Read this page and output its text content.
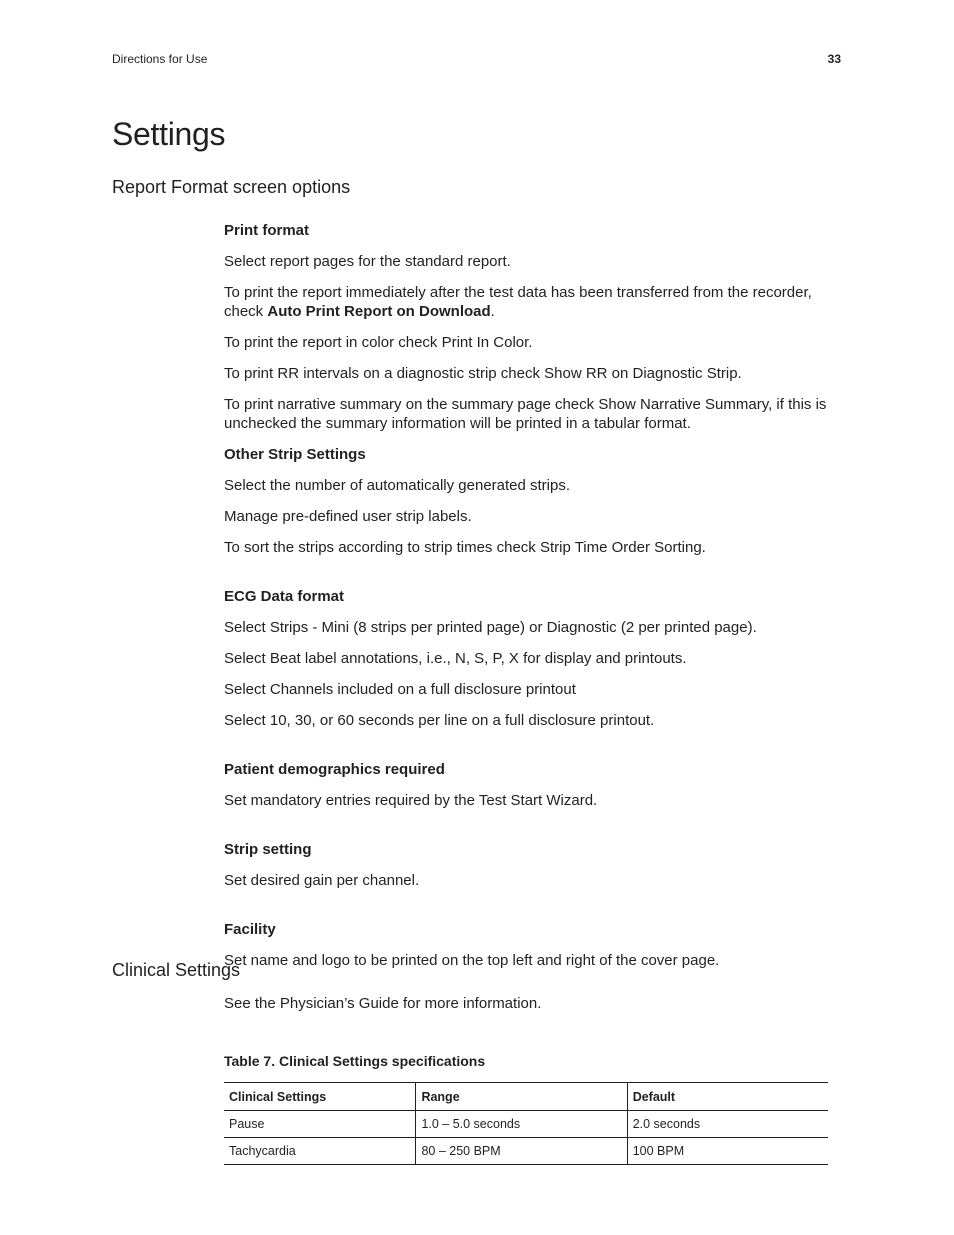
Directions for Use	33
Settings
Report Format screen options

Print format

Select report pages for the standard report.

To print the report immediately after the test data has been transferred from the recorder, check Auto Print Report on Download.

To print the report in color check Print In Color.

To print RR intervals on a diagnostic strip check Show RR on Diagnostic Strip.

To print narrative summary on the summary page check Show Narrative Summary, if this is unchecked the summary information will be printed in a tabular format.

Other Strip Settings

Select the number of automatically generated strips.

Manage pre-defined user strip labels.

To sort the strips according to strip times check Strip Time Order Sorting.

ECG Data format

Select Strips - Mini (8 strips per printed page) or Diagnostic (2 per printed page).

Select Beat label annotations, i.e., N, S, P, X for display and printouts.

Select Channels included on a full disclosure printout

Select 10, 30, or 60 seconds per line on a full disclosure printout.

Patient demographics required

Set mandatory entries required by the Test Start Wizard.

Strip setting

Set desired gain per channel.

Facility

Set name and logo to be printed on the top left and right of the cover page.

Clinical Settings

See the Physician’s Guide for more information.

Table 7. Clinical Settings specifications

Clinical Settings	Range	Default
Pause	1.0 – 5.0 seconds	2.0 seconds
Tachycardia	80 – 250 BPM	100 BPM
